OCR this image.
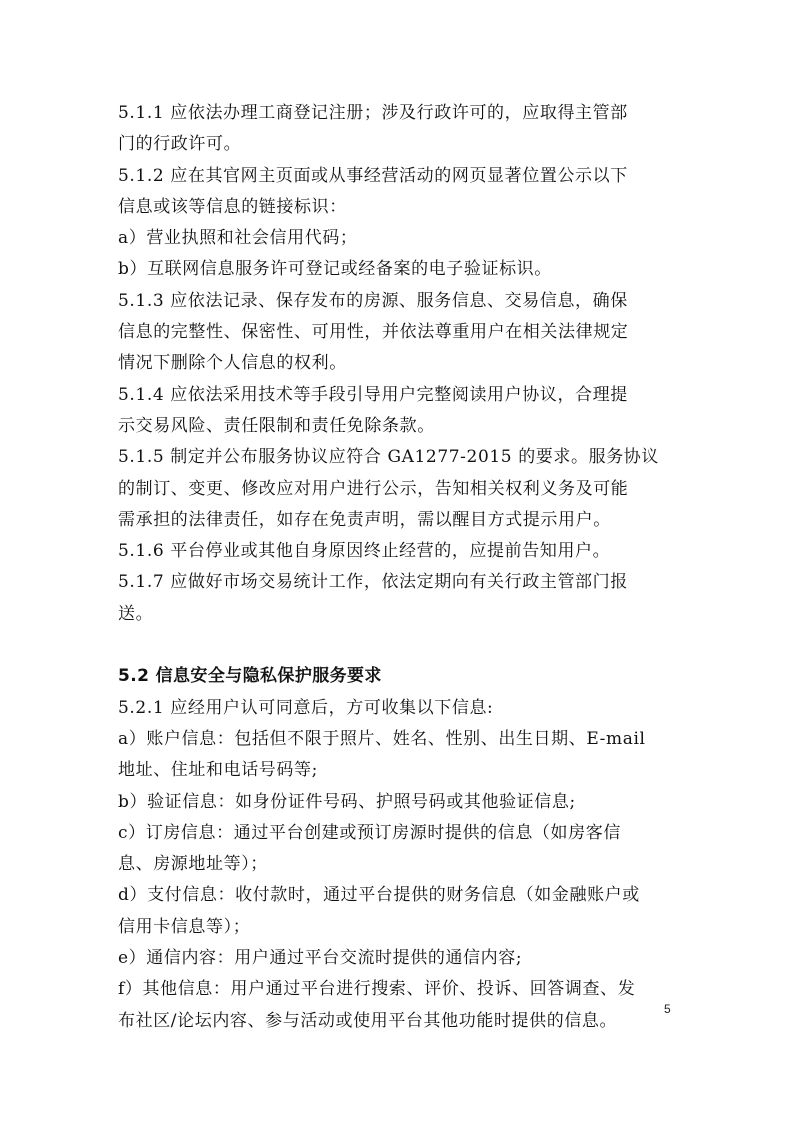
5.1.1 应依法办理工商登记注册；涉及行政许可的，应取得主管部
门的行政许可。
5.1.2 应在其官网主页面或从事经营活动的网页显著位置公示以下
信息或该等信息的链接标识：
a）营业执照和社会信用代码；
b）互联网信息服务许可登记或经备案的电子验证标识。
5.1.3 应依法记录、保存发布的房源、服务信息、交易信息，确保
信息的完整性、保密性、可用性，并依法尊重用户在相关法律规定
情况下删除个人信息的权利。
5.1.4 应依法采用技术等手段引导用户完整阅读用户协议，合理提
示交易风险、责任限制和责任免除条款。
5.1.5 制定并公布服务协议应符合 GA1277-2015 的要求。服务协议
的制订、变更、修改应对用户进行公示，告知相关权利义务及可能
需承担的法律责任，如存在免责声明，需以醒目方式提示用户。
5.1.6 平台停业或其他自身原因终止经营的，应提前告知用户。
5.1.7 应做好市场交易统计工作，依法定期向有关行政主管部门报
送。
5.2 信息安全与隐私保护服务要求
5.2.1 应经用户认可同意后，方可收集以下信息:
a）账户信息：包括但不限于照片、姓名、性别、出生日期、E-mail
地址、住址和电话号码等;
b）验证信息：如身份证件号码、护照号码或其他验证信息;
c）订房信息：通过平台创建或预订房源时提供的信息（如房客信
息、房源地址等）；
d）支付信息：收付款时，通过平台提供的财务信息（如金融账户或
信用卡信息等）；
e）通信内容：用户通过平台交流时提供的通信内容;
f）其他信息：用户通过平台进行搜索、评价、投诉、回答调查、发
布社区/论坛内容、参与活动或使用平台其他功能时提供的信息。
5
